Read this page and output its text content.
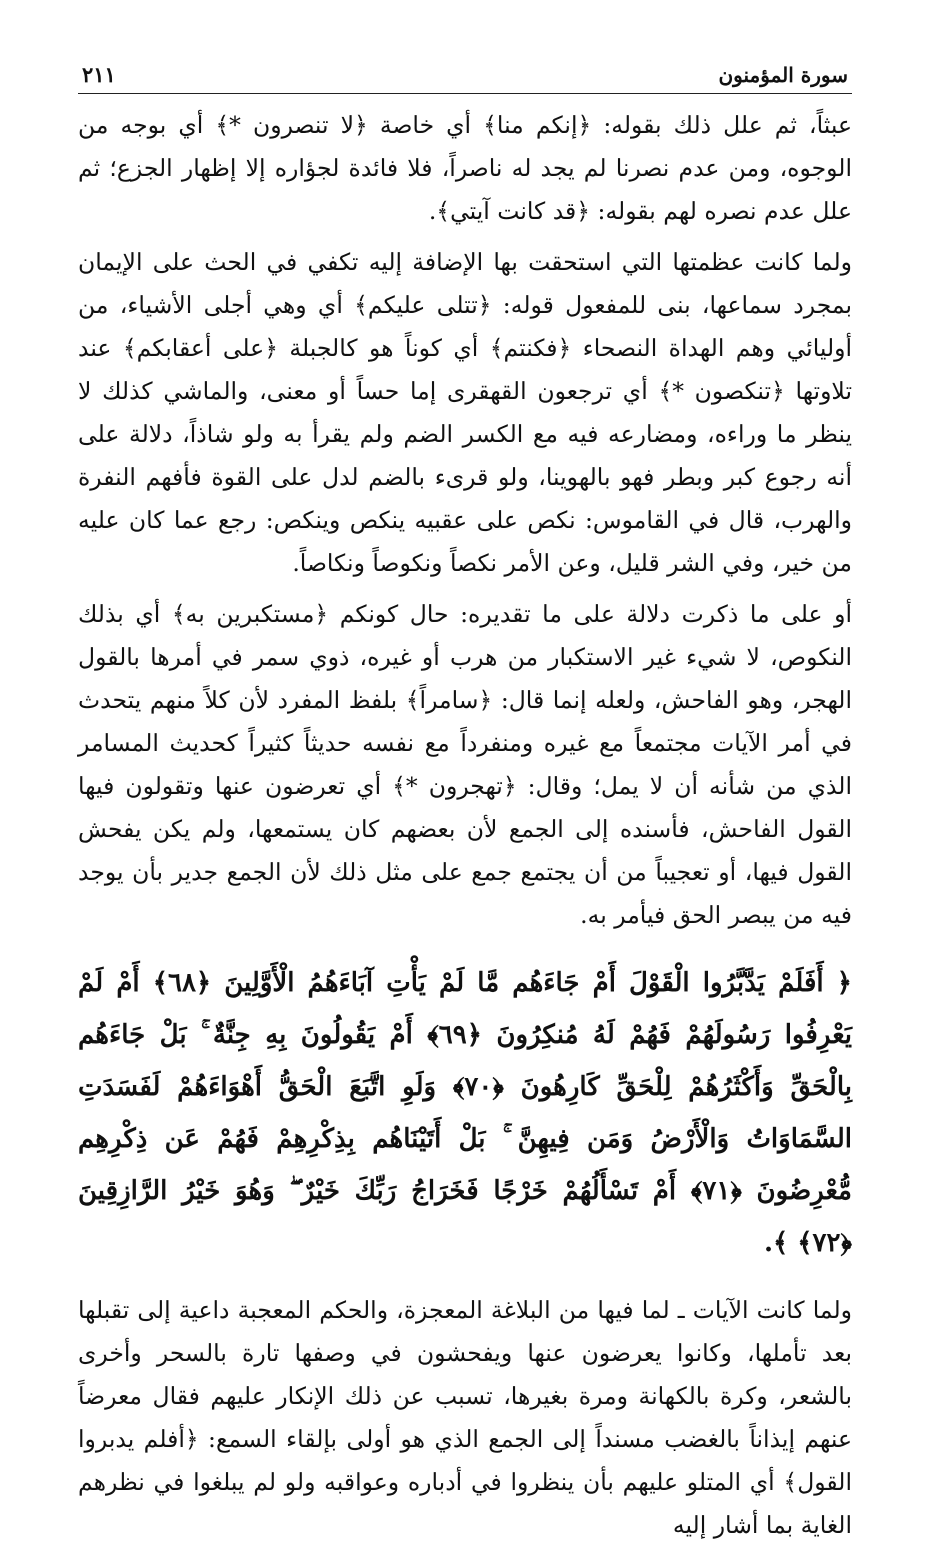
سورة المؤمنون
٢١١

عبثاً، ثم علل ذلك بقوله: ﴿إنكم منا﴾ أي خاصة ﴿لا تنصرون *﴾ أي بوجه من الوجوه، ومن عدم نصرنا لم يجد له ناصراً، فلا فائدة لجؤاره إلا إظهار الجزع؛ ثم علل عدم نصره لهم بقوله: ﴿قد كانت آيتي﴾.

ولما كانت عظمتها التي استحقت بها الإضافة إليه تكفي في الحث على الإيمان بمجرد سماعها، بنى للمفعول قوله: ﴿تتلى عليكم﴾ أي وهي أجلى الأشياء، من أوليائي وهم الهداة النصحاء ﴿فكنتم﴾ أي كوناً هو كالجبلة ﴿على أعقابكم﴾ عند تلاوتها ﴿تنكصون *﴾ أي ترجعون القهقرى إما حساً أو معنى، والماشي كذلك لا ينظر ما وراءه، ومضارعه فيه مع الكسر الضم ولم يقرأ به ولو شاذاً، دلالة على أنه رجوع كبر وبطر فهو بالهوينا، ولو قرىء بالضم لدل على القوة فأفهم النفرة والهرب، قال في القاموس: نكص على عقبيه ينكص وينكص: رجع عما كان عليه من خير، وفي الشر قليل، وعن الأمر نكصاً ونكوصاً ونكاصاً.

أو على ما ذكرت دلالة على ما تقديره: حال كونكم ﴿مستكبرين به﴾ أي بذلك النكوص، لا شيء غير الاستكبار من هرب أو غيره، ذوي سمر في أمرها بالقول الهجر، وهو الفاحش، ولعله إنما قال: ﴿سامراً﴾ بلفظ المفرد لأن كلاً منهم يتحدث في أمر الآيات مجتمعاً مع غيره ومنفرداً مع نفسه حديثاً كثيراً كحديث المسامر الذي من شأنه أن لا يمل؛ وقال: ﴿تهجرون *﴾ أي تعرضون عنها وتقولون فيها القول الفاحش، فأسنده إلى الجمع لأن بعضهم كان يستمعها، ولم يكن يفحش القول فيها، أو تعجيباً من أن يجتمع جمع على مثل ذلك لأن الجمع جدير بأن يوجد فيه من يبصر الحق فيأمر به.

﴿ أَفَلَمْ يَدَّبَّرُوا الْقَوْلَ أَمْ جَاءَهُم مَّا لَمْ يَأْتِ آبَاءَهُمُ الْأَوَّلِينَ ﴿٦٨﴾ أَمْ لَمْ يَعْرِفُوا رَسُولَهُمْ فَهُمْ لَهُ مُنكِرُونَ ﴿٦٩﴾ أَمْ يَقُولُونَ بِهِ جِنَّةٌ ۚ بَلْ جَاءَهُم بِالْحَقِّ وَأَكْثَرُهُمْ لِلْحَقِّ كَارِهُونَ ﴿٧٠﴾ وَلَوِ اتَّبَعَ الْحَقُّ أَهْوَاءَهُمْ لَفَسَدَتِ السَّمَاوَاتُ وَالْأَرْضُ وَمَن فِيهِنَّ ۚ بَلْ أَتَيْنَاهُم بِذِكْرِهِمْ فَهُمْ عَن ذِكْرِهِم مُّعْرِضُونَ ﴿٧١﴾ أَمْ تَسْأَلُهُمْ خَرْجًا فَخَرَاجُ رَبِّكَ خَيْرٌ ۖ وَهُوَ خَيْرُ الرَّازِقِينَ ﴿٧٢﴾ ﴾.

ولما كانت الآيات ـ لما فيها من البلاغة المعجزة، والحكم المعجبة داعية إلى تقبلها بعد تأملها، وكانوا يعرضون عنها ويفحشون في وصفها تارة بالسحر وأخرى بالشعر، وكرة بالكهانة ومرة بغيرها، تسبب عن ذلك الإنكار عليهم فقال معرضاً عنهم إيذاناً بالغضب مسنداً إلى الجمع الذي هو أولى بإلقاء السمع: ﴿أفلم يدبروا القول﴾ أي المتلو عليهم بأن ينظروا في أدباره وعواقبه ولو لم يبلغوا في نظرهم الغاية بما أشار إليه
